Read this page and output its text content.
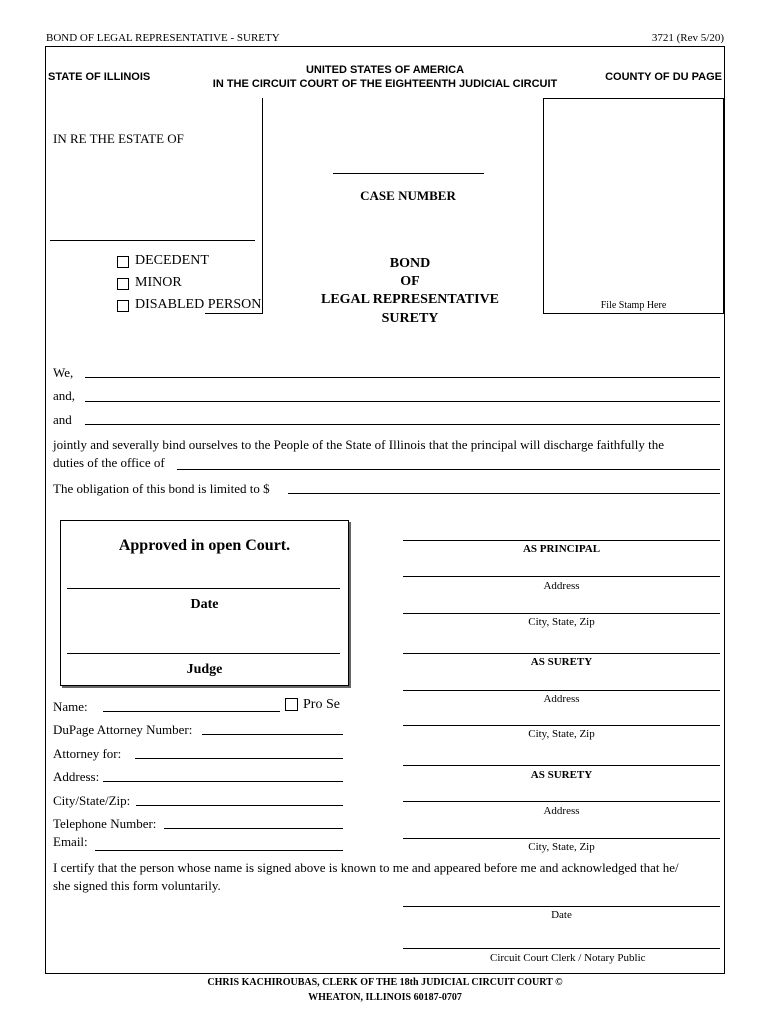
BOND OF LEGAL REPRESENTATIVE - SURETY	3721 (Rev 5/20)
STATE OF ILLINOIS
UNITED STATES OF AMERICA
IN THE CIRCUIT COURT OF THE EIGHTEENTH JUDICIAL CIRCUIT
COUNTY OF DU PAGE
IN RE THE ESTATE OF
DECEDENT
MINOR
DISABLED PERSON
CASE NUMBER
BOND
OF
LEGAL REPRESENTATIVE
SURETY
File Stamp Here
We,
and,
and
jointly and severally bind ourselves to the People of the State of Illinois that the principal will discharge faithfully the
duties of the office of
The obligation of this bond is limited to $
Approved in open Court.
Date
Judge
AS PRINCIPAL
Address
City, State, Zip
AS SURETY
Address
City, State, Zip
AS SURETY
Address
City, State, Zip
Name:	Pro Se
DuPage Attorney Number:
Attorney for:
Address:
City/State/Zip:
Telephone Number:
Email:
I certify that the person whose name is signed above is known to me and appeared before me and acknowledged that he/
she signed this form voluntarily.
Date
Circuit Court Clerk / Notary Public
CHRIS KACHIROUBAS, CLERK OF THE 18th JUDICIAL CIRCUIT COURT ©
WHEATON, ILLINOIS 60187-0707
